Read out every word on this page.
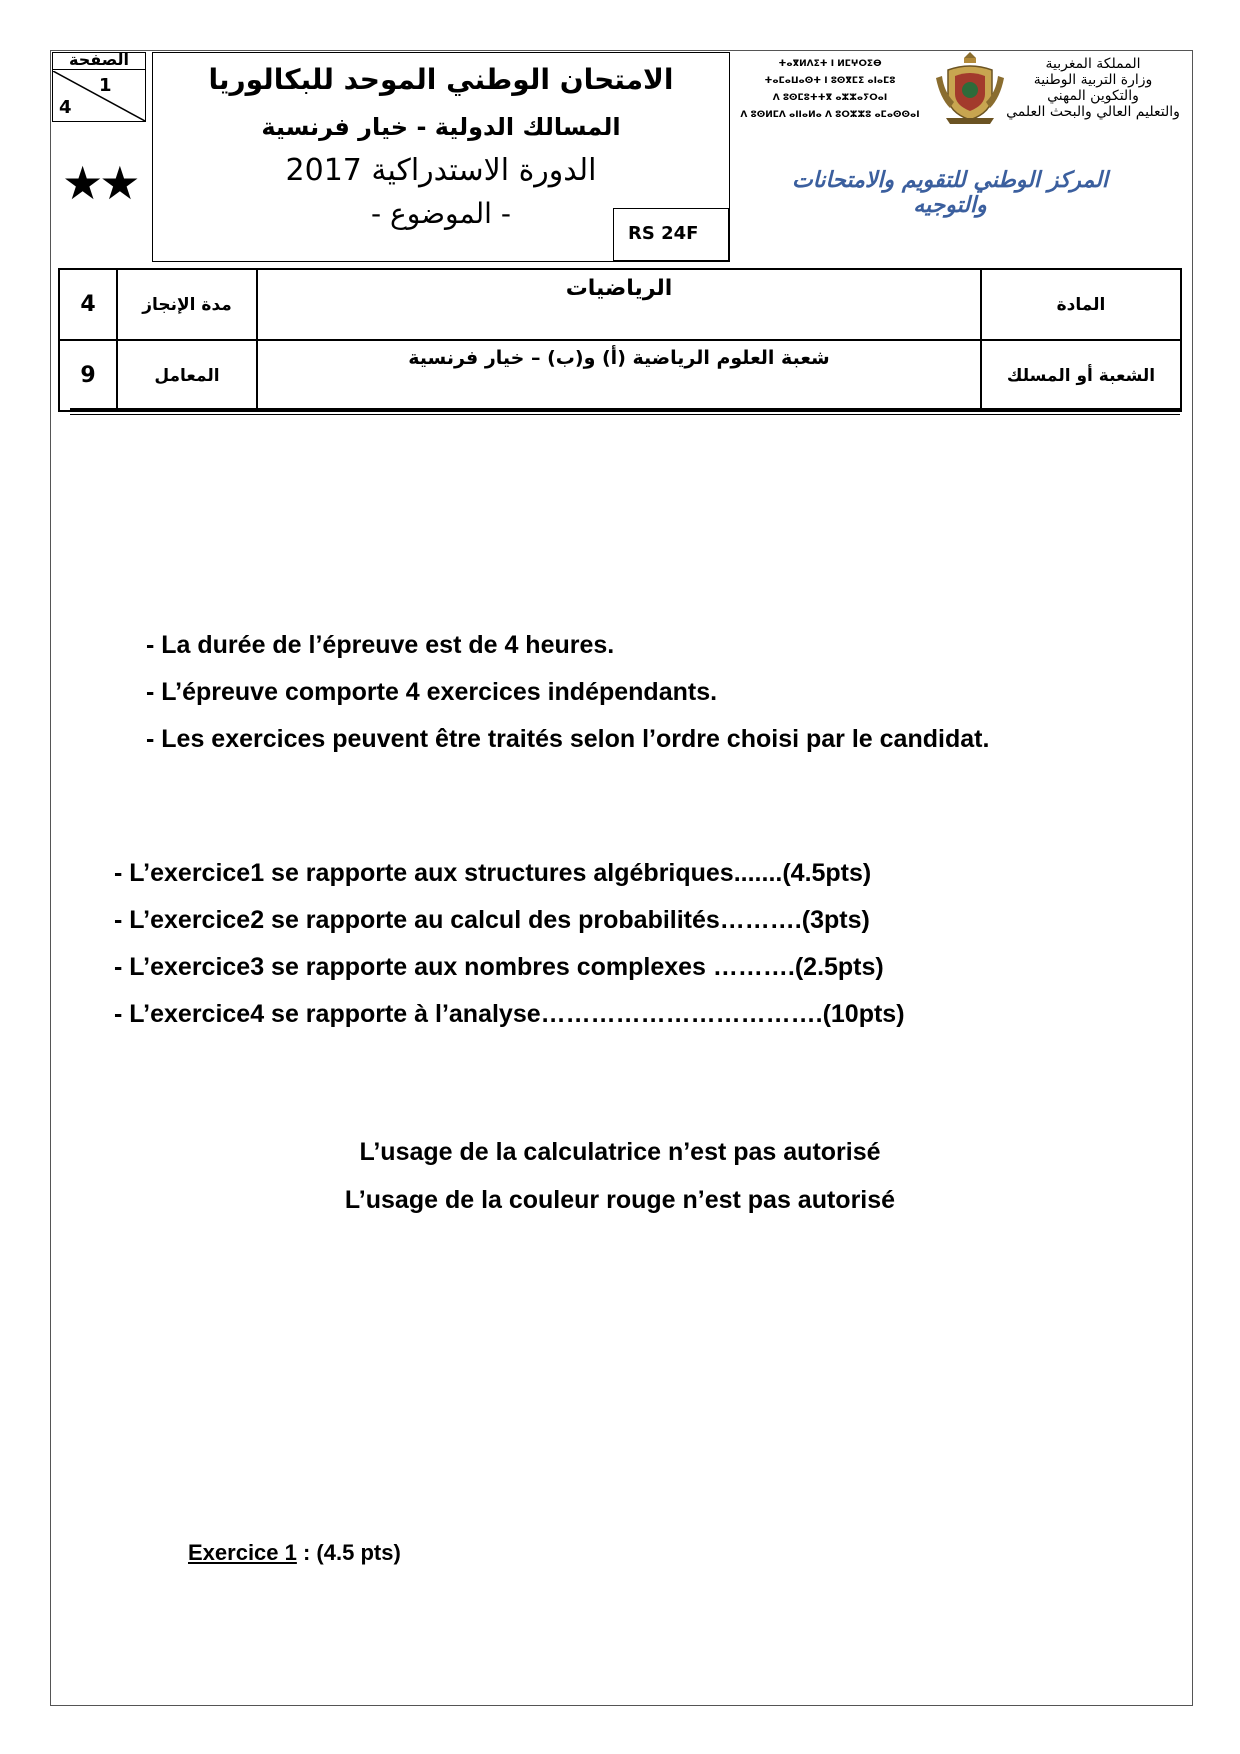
الصفحة
1
4
★★
الامتحان الوطني الموحد للبكالوريا
المسالك الدولية - خيار فرنسية
الدورة الاستدراكية 2017
- الموضوع -
RS 24F
ⵜⴰⴳⵍⴷⵉⵜ ⵏ ⵍⵎⵖⵔⵉⴱ
ⵜⴰⵎⴰⵡⴰⵙⵜ ⵏ ⵓⵙⴳⵎⵉ ⴰⵏⴰⵎⵓ
ⴷ ⵓⵙⵎⵓⵜⵜⴳ ⴰⵣⵣⴰⵢⵔⴰⵏ
ⴷ ⵓⵙⵍⵎⴷ ⴰⵏⵏⴰⵍⴰ ⴷ ⵓⵔⵣⵣⵓ ⴰⵎⴰⵙⵙⴰⵏ
المملكة المغربية
وزارة التربية الوطنية
والتكوين المهني
والتعليم العالي والبحث العلمي
المركز الوطني للتقويم والامتحانات والتوجيه
4	مدة الإنجاز	الرياضيات	المادة
9	المعامل	شعبة العلوم الرياضية (أ) و(ب) – خيار فرنسية	الشعبة أو المسلك
- La durée de l’épreuve est de 4 heures.
- L’épreuve comporte 4 exercices indépendants.
- Les exercices peuvent être traités selon l’ordre choisi par le candidat.
- L’exercice1 se rapporte aux structures algébriques.......(4.5pts)
- L’exercice2 se rapporte au calcul des probabilités……….(3pts)
- L’exercice3 se rapporte aux nombres complexes ……….(2.5pts)
- L’exercice4 se rapporte à l’analyse…………………………….(10pts)
L’usage de la calculatrice n’est pas autorisé
L’usage de la couleur rouge n’est pas autorisé
Exercice 1 : (4.5 pts)
